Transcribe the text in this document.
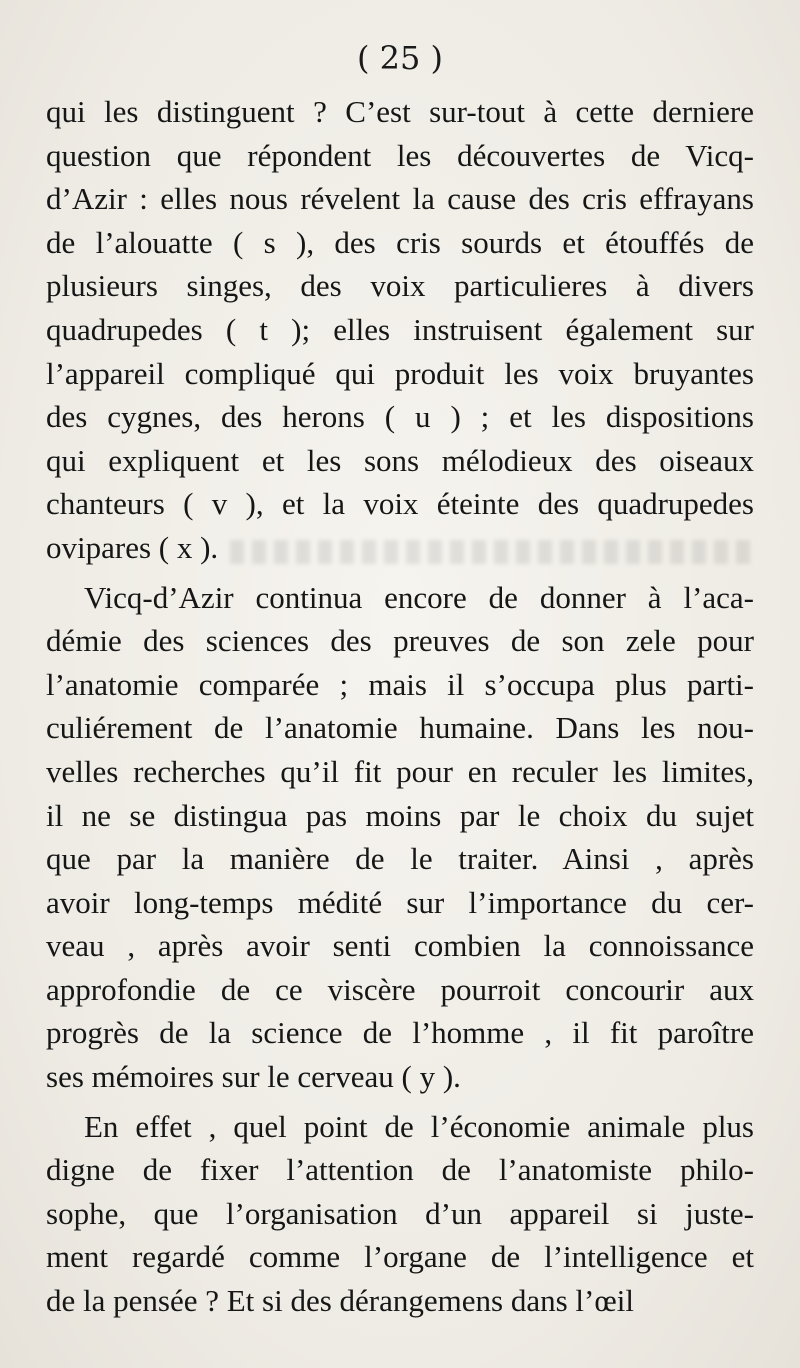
( 25 )
qui les distinguent ? C’est sur-tout à cette derniere
question que répondent les découvertes de Vicq-
d’Azir : elles nous révelent la cause des cris effrayans
de l’alouatte ( s ), des cris sourds et étouffés de
plusieurs singes, des voix particulieres à divers
quadrupedes ( t ); elles instruisent également sur
l’appareil compliqué qui produit les voix bruyantes
des cygnes, des herons ( u ) ; et les dispositions
qui expliquent et les sons mélodieux des oiseaux
chanteurs ( v ), et la voix éteinte des quadrupedes
ovipares ( x ).
Vicq-d’Azir continua encore de donner à l’aca-
démie des sciences des preuves de son zele pour
l’anatomie comparée ; mais il s’occupa plus parti-
culiérement de l’anatomie humaine. Dans les nou-
velles recherches qu’il fit pour en reculer les limites,
il ne se distingua pas moins par le choix du sujet
que par la manière de le traiter. Ainsi , après
avoir long-temps médité sur l’importance du cer-
veau , après avoir senti combien la connoissance
approfondie de ce viscère pourroit concourir aux
progrès de la science de l’homme , il fit paroître
ses mémoires sur le cerveau ( y ).
En effet , quel point de l’économie animale plus
digne de fixer l’attention de l’anatomiste philo-
sophe, que l’organisation d’un appareil si juste-
ment regardé comme l’organe de l’intelligence et
de la pensée ? Et si des dérangemens dans l’œil
